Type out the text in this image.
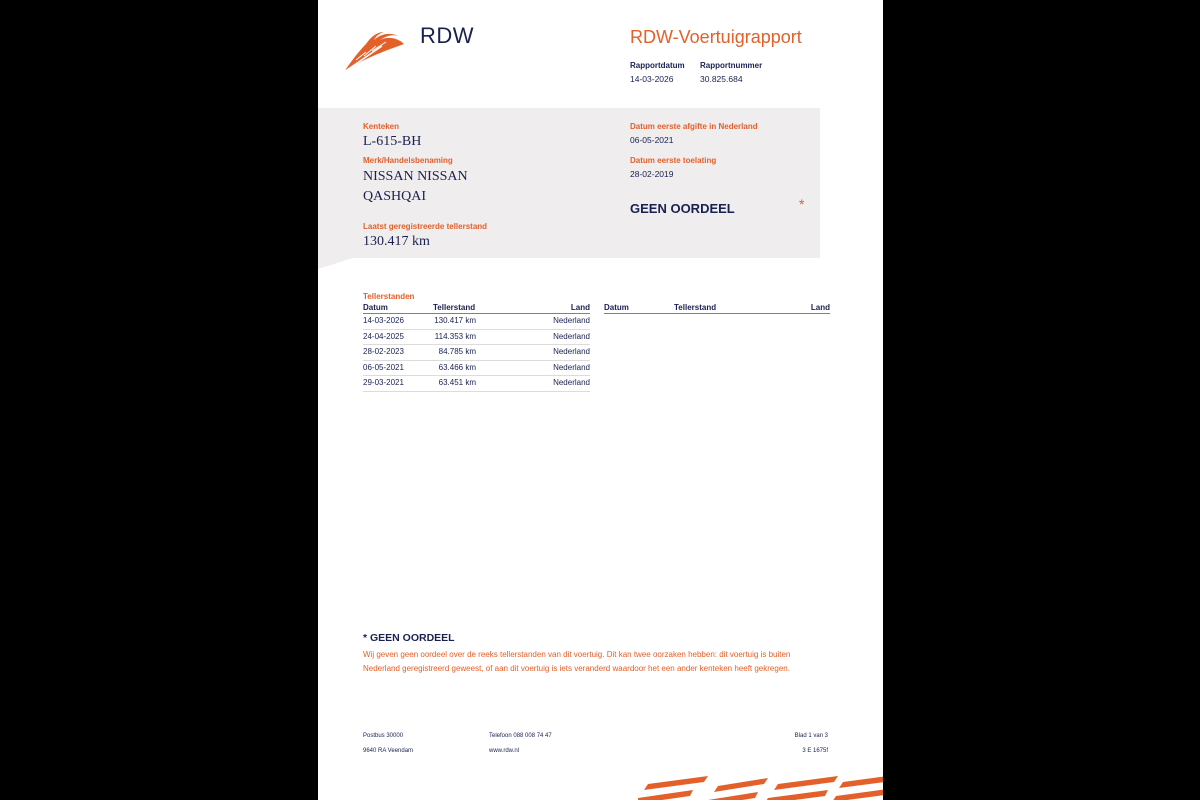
RDW	RDW-Voertuigrapport
Rapportdatum
14-03-2026
Rapportnummer
30.825.684
Kenteken
L-615-BH
Merk/Handelsbenaming
NISSAN NISSAN
QASHQAI
Laatst geregistreerde tellerstand
130.417 km
Datum eerste afgifte in Nederland
06-05-2021
Datum eerste toelating
28-02-2019
GEEN OORDEEL	*
Tellerstanden
Datum	Tellerstand	Land
14-03-2026	130.417 km	Nederland
24-04-2025	114.353 km	Nederland
28-02-2023	84.785 km	Nederland
06-05-2021	63.466 km	Nederland
29-03-2021	63.451 km	Nederland
Datum	Tellerstand	Land
* GEEN OORDEEL
Wij geven geen oordeel over de reeks tellerstanden van dit voertuig. Dit kan twee oorzaken hebben: dit voertuig is buiten Nederland geregistreerd geweest, of aan dit voertuig is iets veranderd waardoor het een ander kenteken heeft gekregen.
Postbus 30000
9640 RA Veendam
Telefoon 088 008 74 47
www.rdw.nl
Blad 1 van 3
3 E 1675f
